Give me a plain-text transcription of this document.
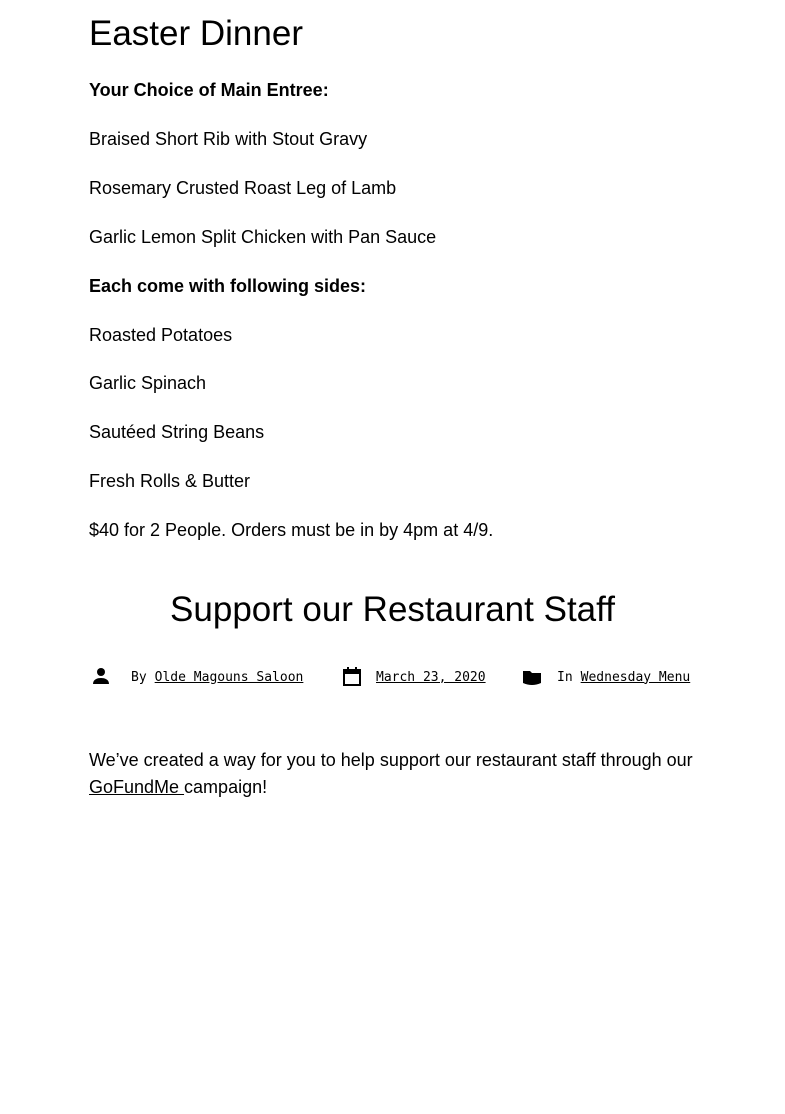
Easter Dinner

Your Choice of Main Entree:

Braised Short Rib with Stout Gravy

Rosemary Crusted Roast Leg of Lamb

Garlic Lemon Split Chicken with Pan Sauce

Each come with following sides:

Roasted Potatoes

Garlic Spinach

Sautéed String Beans

Fresh Rolls & Butter

$40 for 2 People. Orders must be in by 4pm at 4/9.

Support our Restaurant Staff
By Olde Magouns Saloon	March 23, 2020	In Wednesday Menu

We’ve created a way for you to help support our restaurant staff through our GoFundMe campaign!
